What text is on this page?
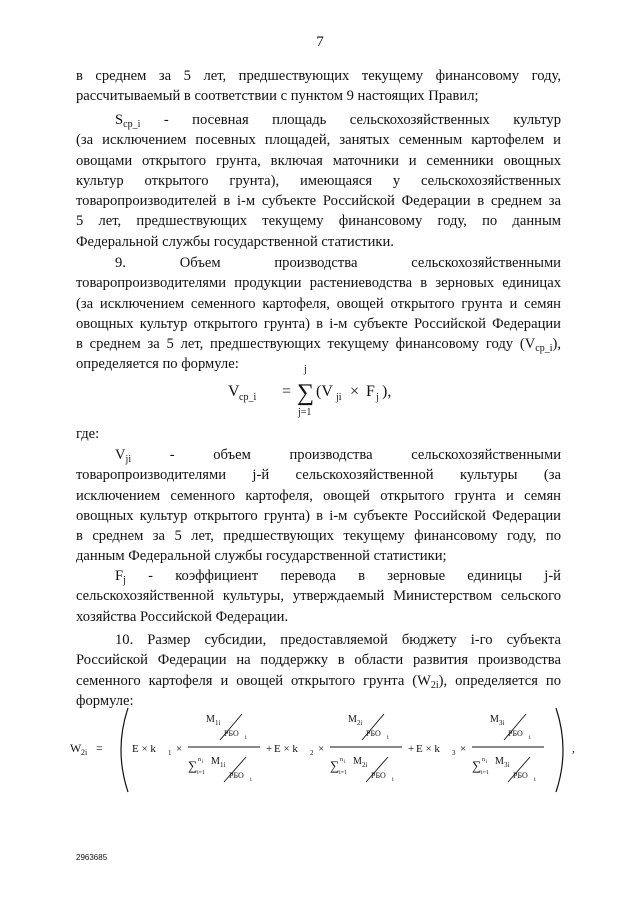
7

в среднем за 5 лет, предшествующих текущему финансовому году,
рассчитываемый в соответствии с пунктом 9 настоящих Правил;

$S_{ср\_i}$ - посевная площадь сельскохозяйственных культур
(за исключением посевных площадей, занятых семенным картофелем и
овощами открытого грунта, включая маточники и семенники овощных
культур открытого грунта), имеющаяся у сельскохозяйственных
товаропроизводителей в i-м субъекте Российской Федерации в среднем за
5 лет, предшествующих текущему финансовому году, по данным
Федеральной службы государственной статистики.

9. Объем производства сельскохозяйственными
товаропроизводителями продукции растениеводства в зерновых единицах
(за исключением семенного картофеля, овощей открытого грунта и семян
овощных культур открытого грунта) в i-м субъекте Российской Федерации
в среднем за 5 лет, предшествующих текущему финансовому году $(V_{ср\_i})$,
определяется по формуле:

V ср_i =
j
∑
j=1
(V ji × F j ),

где:

$V_{ji}$ - объем производства сельскохозяйственными
товаропроизводителями j-й сельскохозяйственной культуры (за
исключением семенного картофеля, овощей открытого грунта и семян
овощных культур открытого грунта) в i-м субъекте Российской Федерации
в среднем за 5 лет, предшествующих текущему финансовому году, по
данным Федеральной службы государственной статистики;

$F_j$ - коэффициент перевода в зерновые единицы j-й
сельскохозяйственной культуры, утверждаемый Министерством сельского
хозяйства Российской Федерации.

10. Размер субсидии, предоставляемой бюджету i-го субъекта
Российской Федерации на поддержку в области развития производства
семенного картофеля и овощей открытого грунта $(W_{2i})$, определяется по
формуле:

W 2i =	E × k 1 ×
M 1i
РБО i
∑ n i
i=1
M 1i
РБО i
+ E × k 2 ×
M 2i
РБО i
∑ n i
i=1
M 2i
РБО i
+ E × k 3 ×
M 3i
РБО i
∑ n i
i=1
M 3i
РБО i
,
2963685
